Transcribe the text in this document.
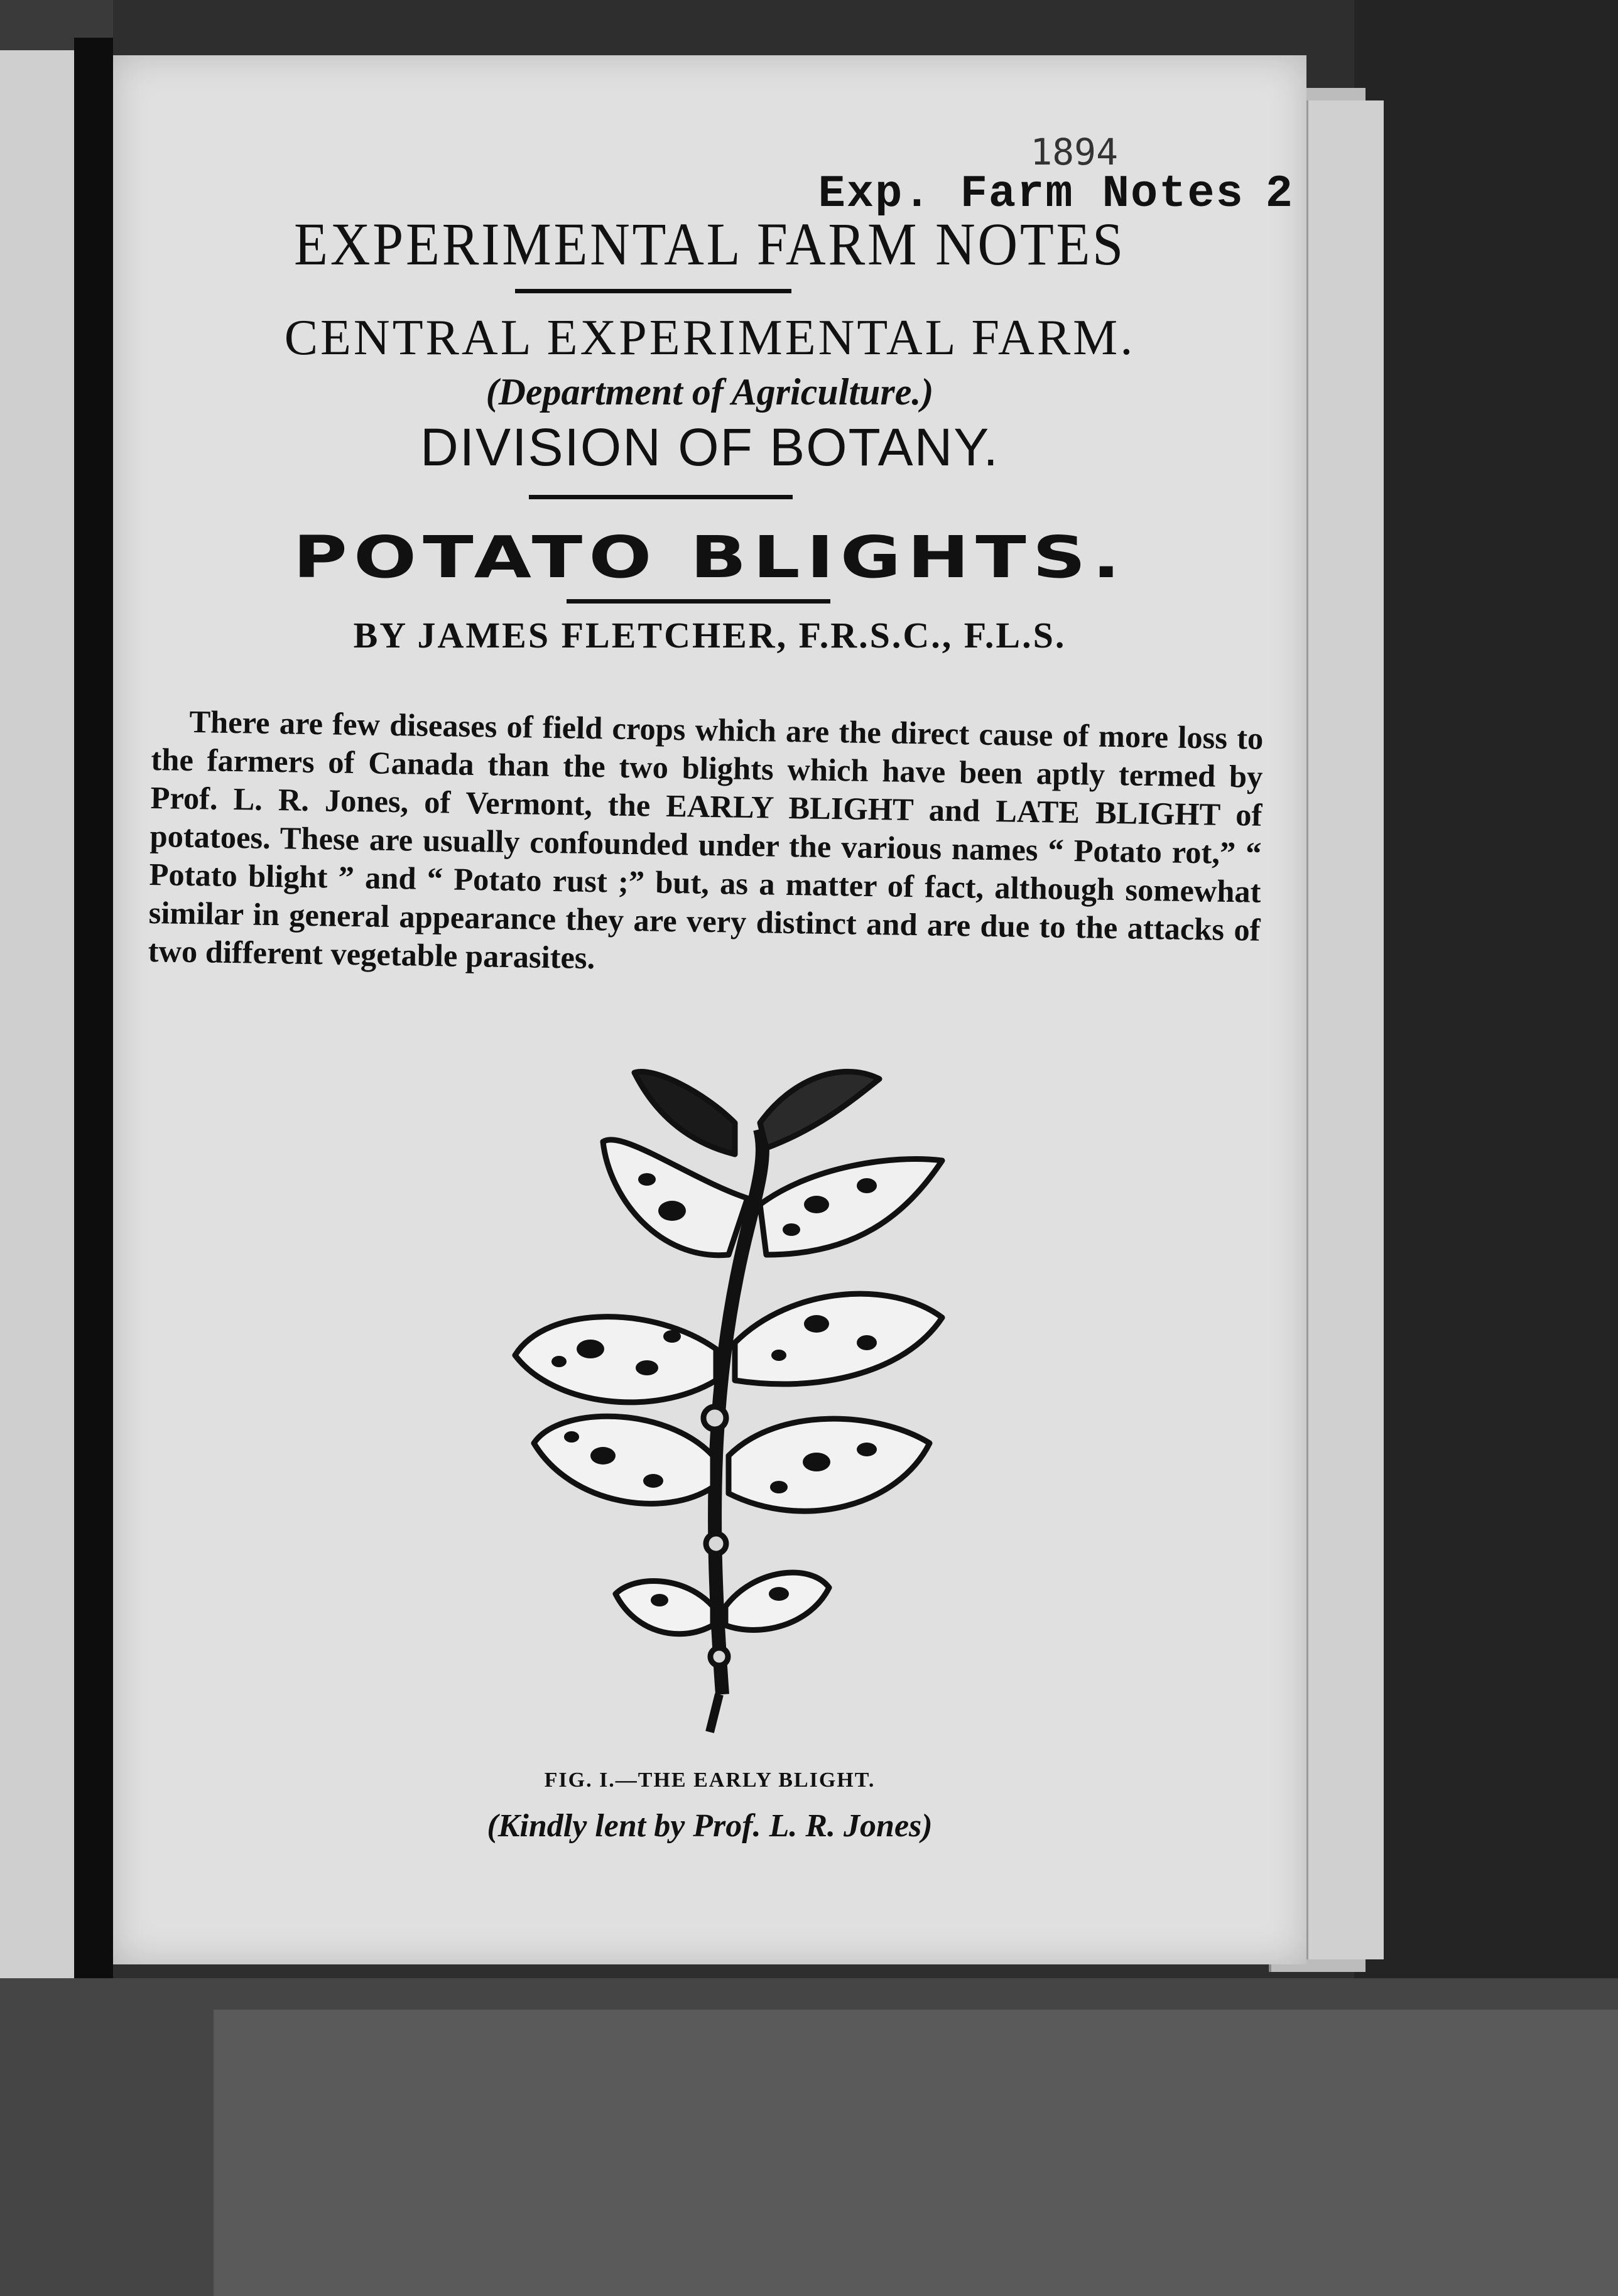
1894
Exp. Farm Notes 2
EXPERIMENTAL FARM NOTES
CENTRAL EXPERIMENTAL FARM.
(Department of Agriculture.)
DIVISION OF BOTANY.
POTATO BLIGHTS.
BY JAMES FLETCHER, F.R.S.C., F.L.S.

There are few diseases of field crops which are the direct cause of more loss to the farmers of Canada than the two blights which have been aptly termed by Prof. L. R. Jones, of Vermont, the EARLY BLIGHT and LATE BLIGHT of potatoes. These are usually confounded under the various names “ Potato rot,” “ Potato blight ” and “ Potato rust ;” but, as a matter of fact, although somewhat similar in general appearance they are very distinct and are due to the attacks of two different vegetable parasites.

FIG. I.—THE EARLY BLIGHT.
(Kindly lent by Prof. L. R. Jones)
